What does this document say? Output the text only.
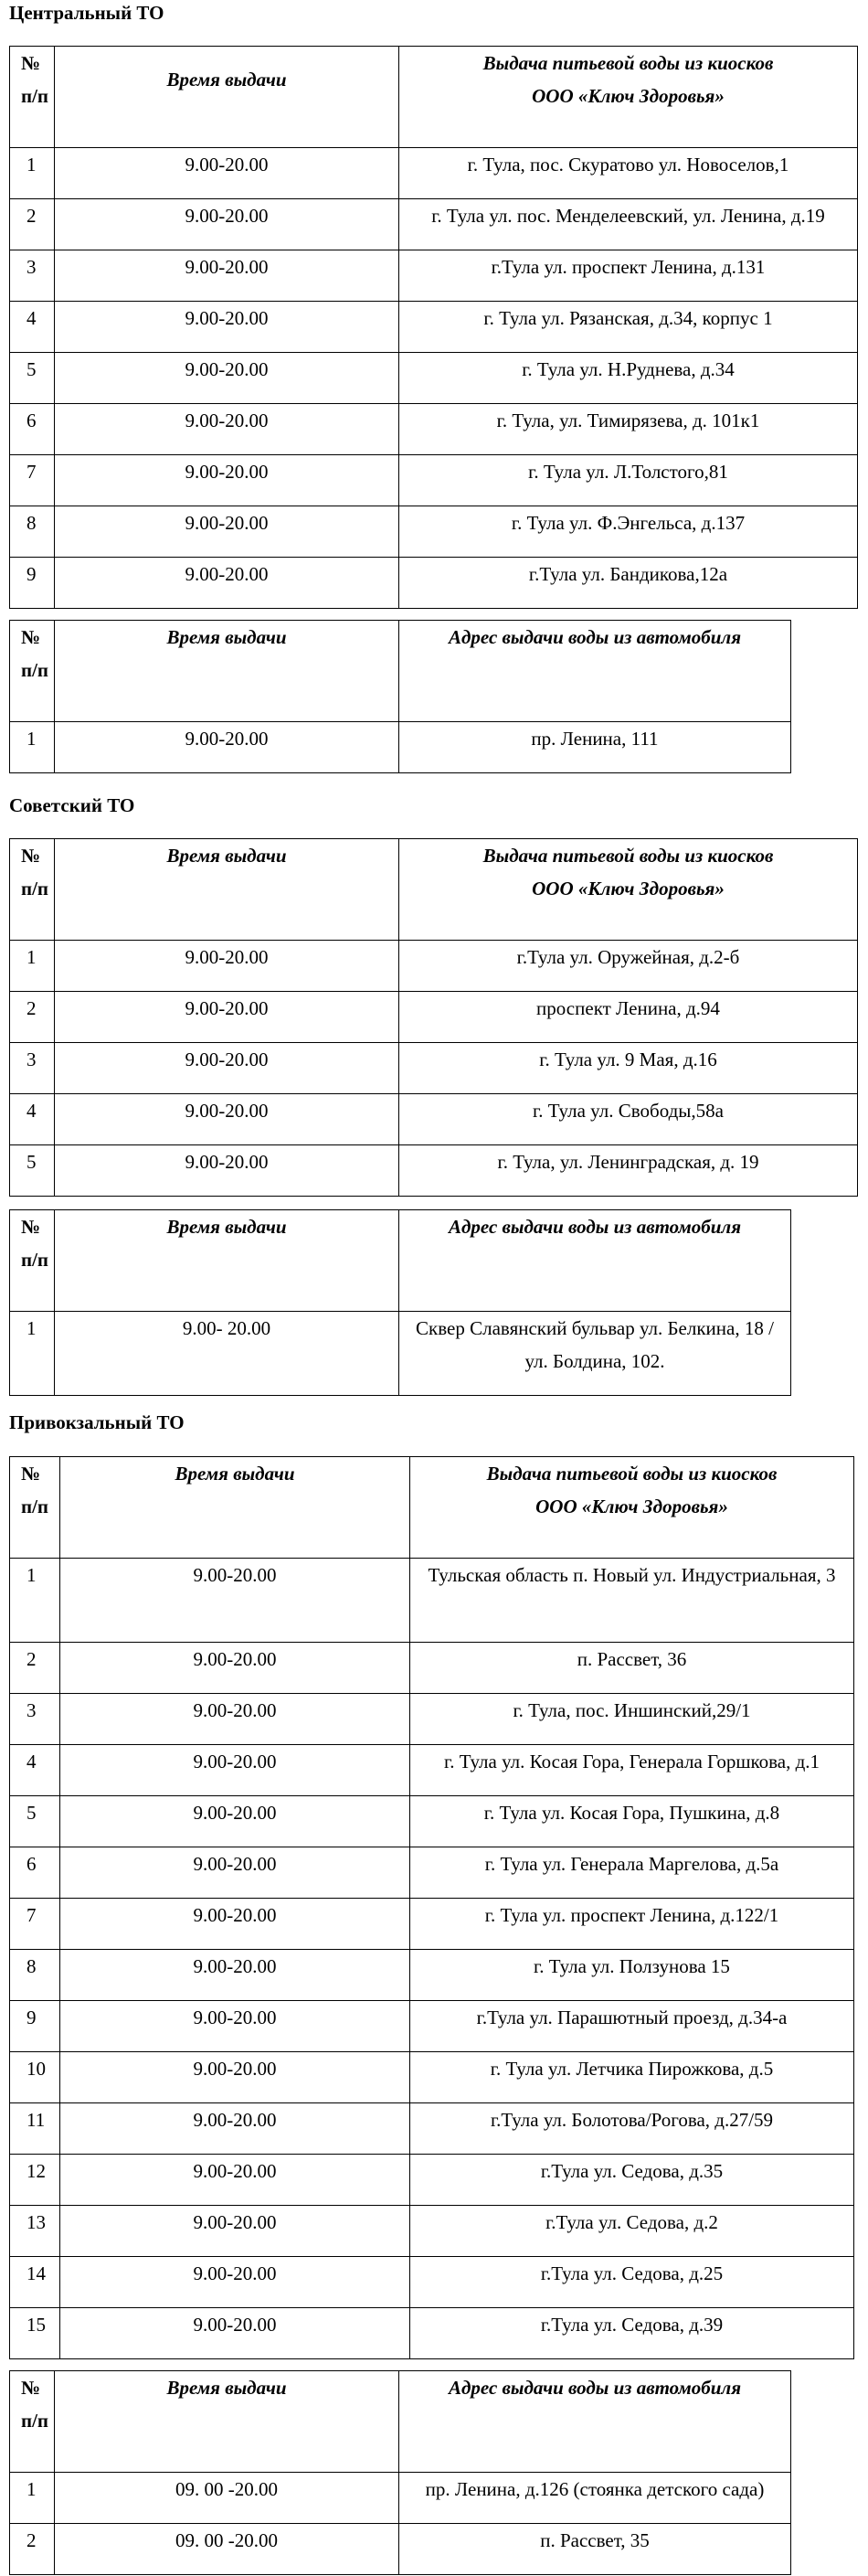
Центральный ТО
№
п/п	Время выдачи	Выдача питьевой воды из киосков
ООО «Ключ Здоровья»

1	9.00-20.00	г. Тула, пос. Скуратово ул. Новоселов,1
2	9.00-20.00	г. Тула ул. пос. Менделеевский, ул. Ленина, д.19
3	9.00-20.00	г.Тула ул. проспект Ленина, д.131
4	9.00-20.00	г. Тула ул. Рязанская, д.34, корпус 1
5	9.00-20.00	г. Тула ул. Н.Руднева, д.34
6	9.00-20.00	г. Тула, ул. Тимирязева, д. 101к1
7	9.00-20.00	г. Тула ул. Л.Толстого,81
8	9.00-20.00	г. Тула ул. Ф.Энгельса, д.137
9	9.00-20.00	г.Тула ул. Бандикова,12а
№
п/п	Время выдачи	Адрес выдачи воды из автомобиля
1	9.00-20.00	пр. Ленина, 111
Советский ТО
№
п/п	Время выдачи	Выдача питьевой воды из киосков
ООО «Ключ Здоровья»

1	9.00-20.00	г.Тула ул. Оружейная, д.2-б
2	9.00-20.00	проспект Ленина, д.94
3	9.00-20.00	г. Тула ул. 9 Мая, д.16
4	9.00-20.00	г. Тула ул. Свободы,58а
5	9.00-20.00	г. Тула, ул. Ленинградская, д. 19
№
п/п	Время выдачи	Адрес выдачи воды из автомобиля
1	9.00- 20.00	Сквер Славянский бульвар ул. Белкина, 18 / ул. Болдина, 102.
Привокзальный ТО
№
п/п	Время выдачи	Выдача питьевой воды из киосков
ООО «Ключ Здоровья»

1	9.00-20.00	Тульская область п. Новый ул. Индустриальная, 3
2	9.00-20.00	п. Рассвет, 36
3	9.00-20.00	г. Тула, пос. Иншинский,29/1
4	9.00-20.00	г. Тула ул. Косая Гора, Генерала Горшкова, д.1
5	9.00-20.00	г. Тула ул. Косая Гора, Пушкина, д.8
6	9.00-20.00	г. Тула ул. Генерала Маргелова, д.5а
7	9.00-20.00	г. Тула ул. проспект Ленина, д.122/1
8	9.00-20.00	г. Тула ул. Ползунова 15
9	9.00-20.00	г.Тула ул. Парашютный проезд, д.34-а
10	9.00-20.00	г. Тула ул. Летчика Пирожкова, д.5
11	9.00-20.00	г.Тула ул. Болотова/Рогова, д.27/59
12	9.00-20.00	г.Тула ул. Седова, д.35
13	9.00-20.00	г.Тула ул. Седова, д.2
14	9.00-20.00	г.Тула ул. Седова, д.25
15	9.00-20.00	г.Тула ул. Седова, д.39
№
п/п	Время выдачи	Адрес выдачи воды из автомобиля
1	09. 00 -20.00	пр. Ленина, д.126 (стоянка детского сада)
2	09. 00 -20.00	п. Рассвет, 35
